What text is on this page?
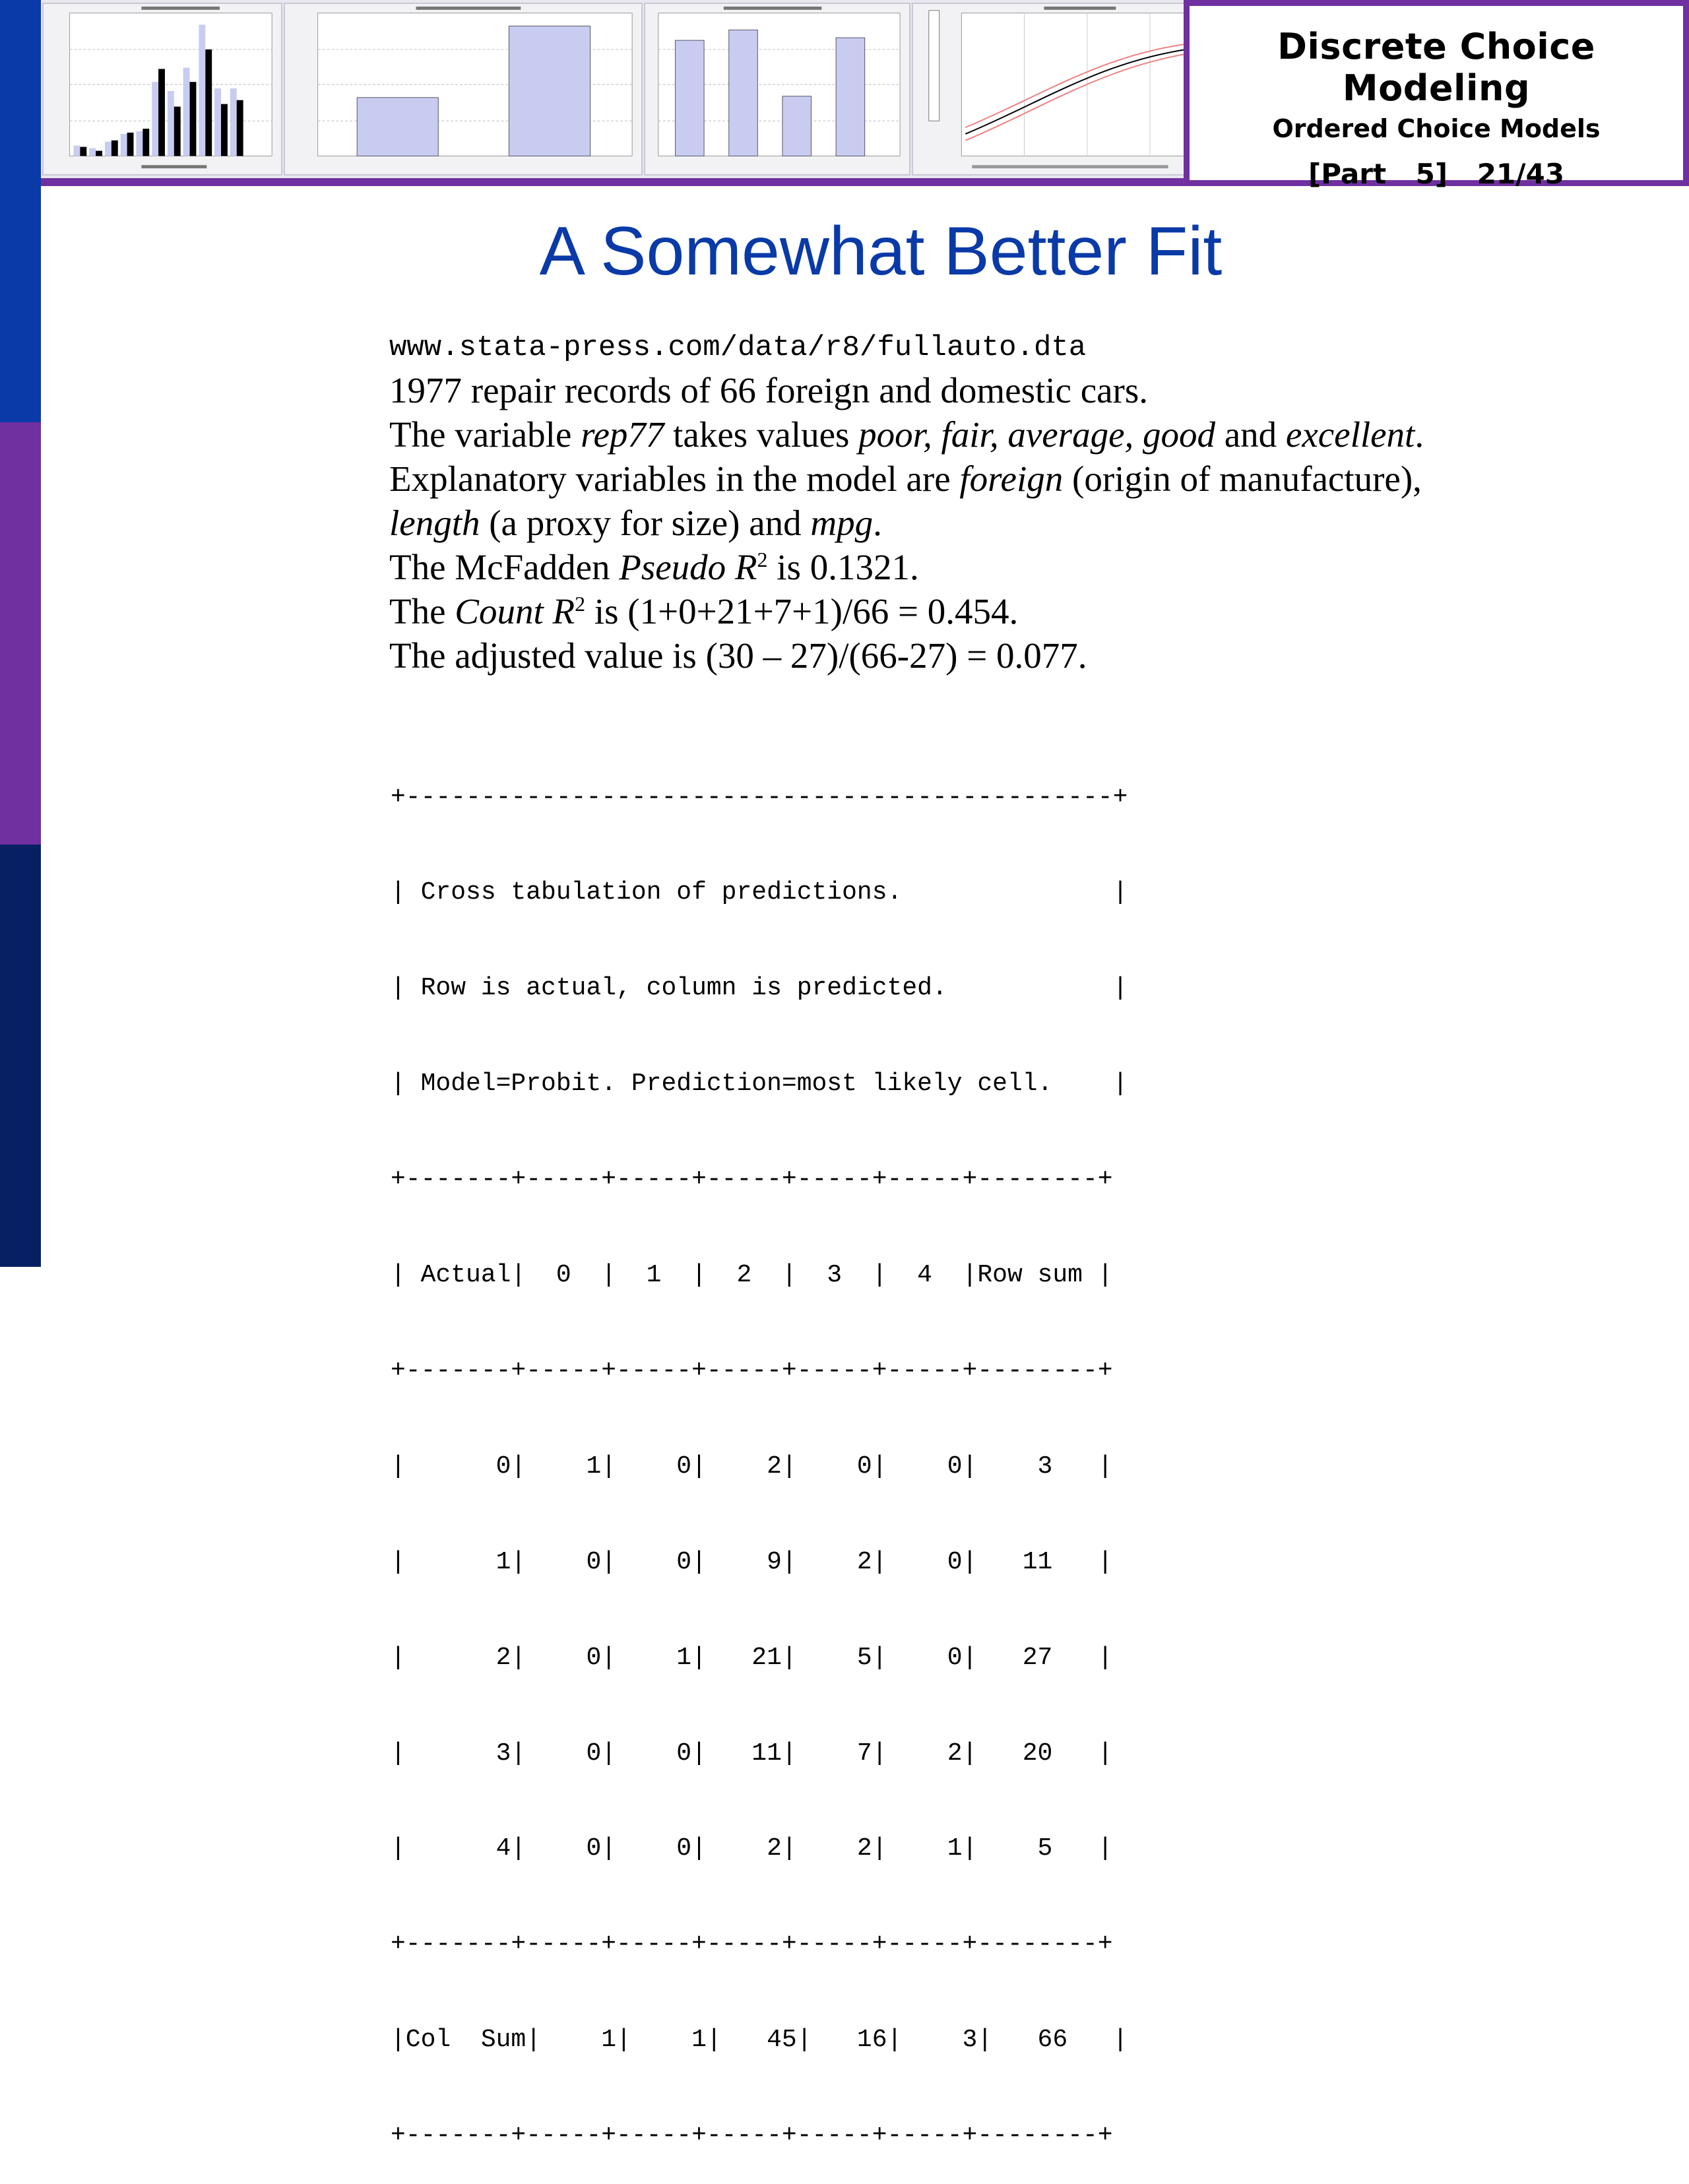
Discrete Choice Modeling
Ordered Choice Models
[Part 5] 21/43
A Somewhat Better Fit
www.stata-press.com/data/r8/fullauto.dta
1977 repair records of 66 foreign and domestic cars.
The variable rep77 takes values poor, fair, average, good and excellent.
Explanatory variables in the model are foreign (origin of manufacture),
length (a proxy for size) and mpg.
The McFadden Pseudo $R^2$ is 0.1321.
The Count $R^2$ is (1+0+21+7+1)/66 = 0.454.
The adjusted value is (30 – 27)/(66-27) = 0.077.

+-----------------------------------------------+

| Cross tabulation of predictions.              |

| Row is actual, column is predicted.           |

| Model=Probit. Prediction=most likely cell.    |

+-------+-----+-----+-----+-----+-----+--------+

| Actual|  0  |  1  |  2  |  3  |  4  |Row sum |

+-------+-----+-----+-----+-----+-----+--------+

|      0|    1|    0|    2|    0|    0|    3   |

|      1|    0|    0|    9|    2|    0|   11   |

|      2|    0|    1|   21|    5|    0|   27   |

|      3|    0|    0|   11|    7|    2|   20   |

|      4|    0|    0|    2|    2|    1|    5   |

+-------+-----+-----+-----+-----+-----+--------+

|Col  Sum|    1|    1|   45|   16|    3|   66   |

+-------+-----+-----+-----+-----+-----+--------+
